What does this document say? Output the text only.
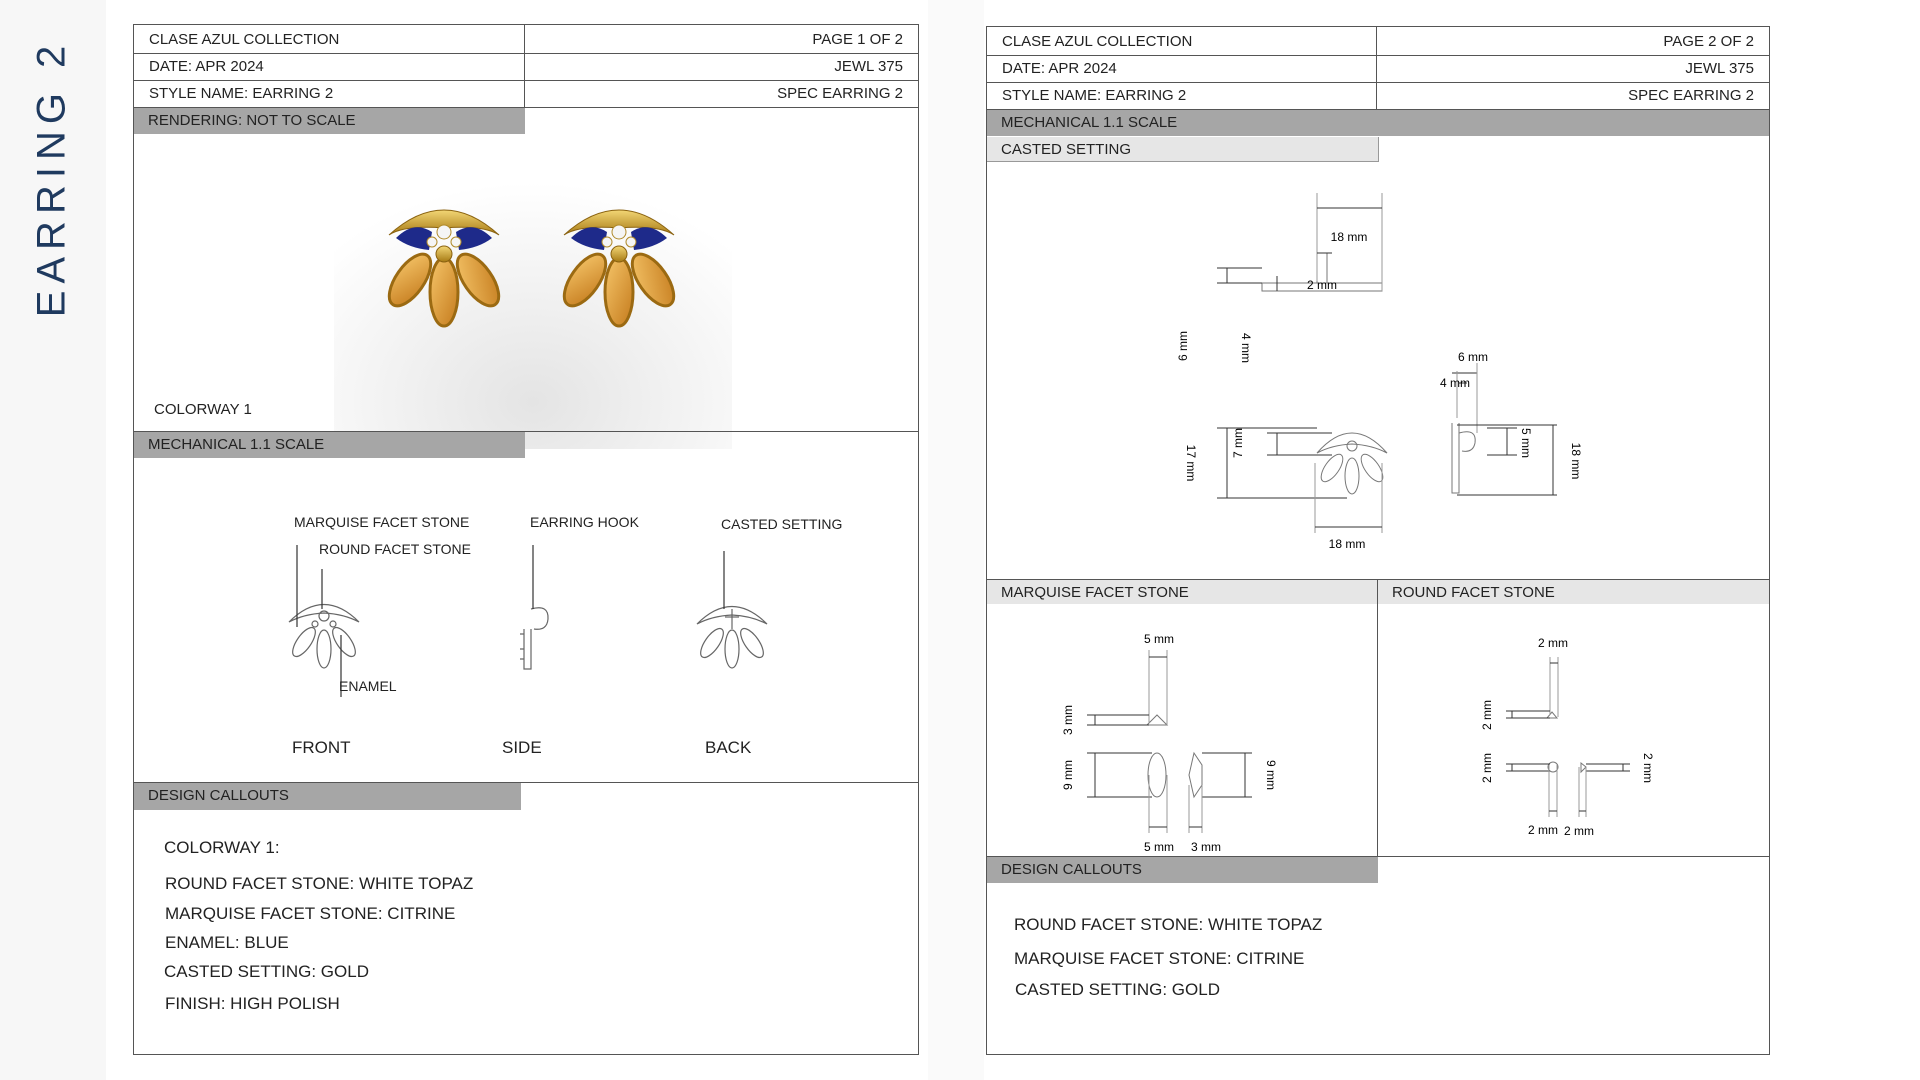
EARRING 2	CLASE AZUL COLLECTION	PAGE 1 OF 2
DATE: APR 2024	JEWL 375
STYLE NAME: EARRING 2	SPEC EARRING 2
RENDERING: NOT TO SCALE
COLORWAY 1
MECHANICAL 1.1 SCALE
MARQUISE FACET STONE
ROUND FACET STONE
EARRING HOOK	CASTED SETTING
ENAMEL
FRONT	SIDE	BACK
DESIGN CALLOUTS
COLORWAY 1:
ROUND FACET STONE: WHITE TOPAZ
MARQUISE FACET STONE: CITRINE
ENAMEL: BLUE
CASTED SETTING: GOLD
FINISH: HIGH POLISH
CLASE AZUL COLLECTION	PAGE 2 OF 2
DATE: APR 2024	JEWL 375
STYLE NAME: EARRING 2	SPEC EARRING 2
MECHANICAL 1.1 SCALE
CASTED SETTING
18 mm
2 mm
6 mm	4 mm
17 mm
7 mm
18 mm
6 mm
4 mm
5 mm	18 mm
MARQUISE FACET STONE	ROUND FACET STONE
5 mm
3 mm
9 mm	9 mm
5 mm 3 mm
2 mm
2 mm
2 mm	2 mm
2 mm 2 mm
DESIGN CALLOUTS
ROUND FACET STONE: WHITE TOPAZ
MARQUISE FACET STONE: CITRINE
CASTED SETTING: GOLD
